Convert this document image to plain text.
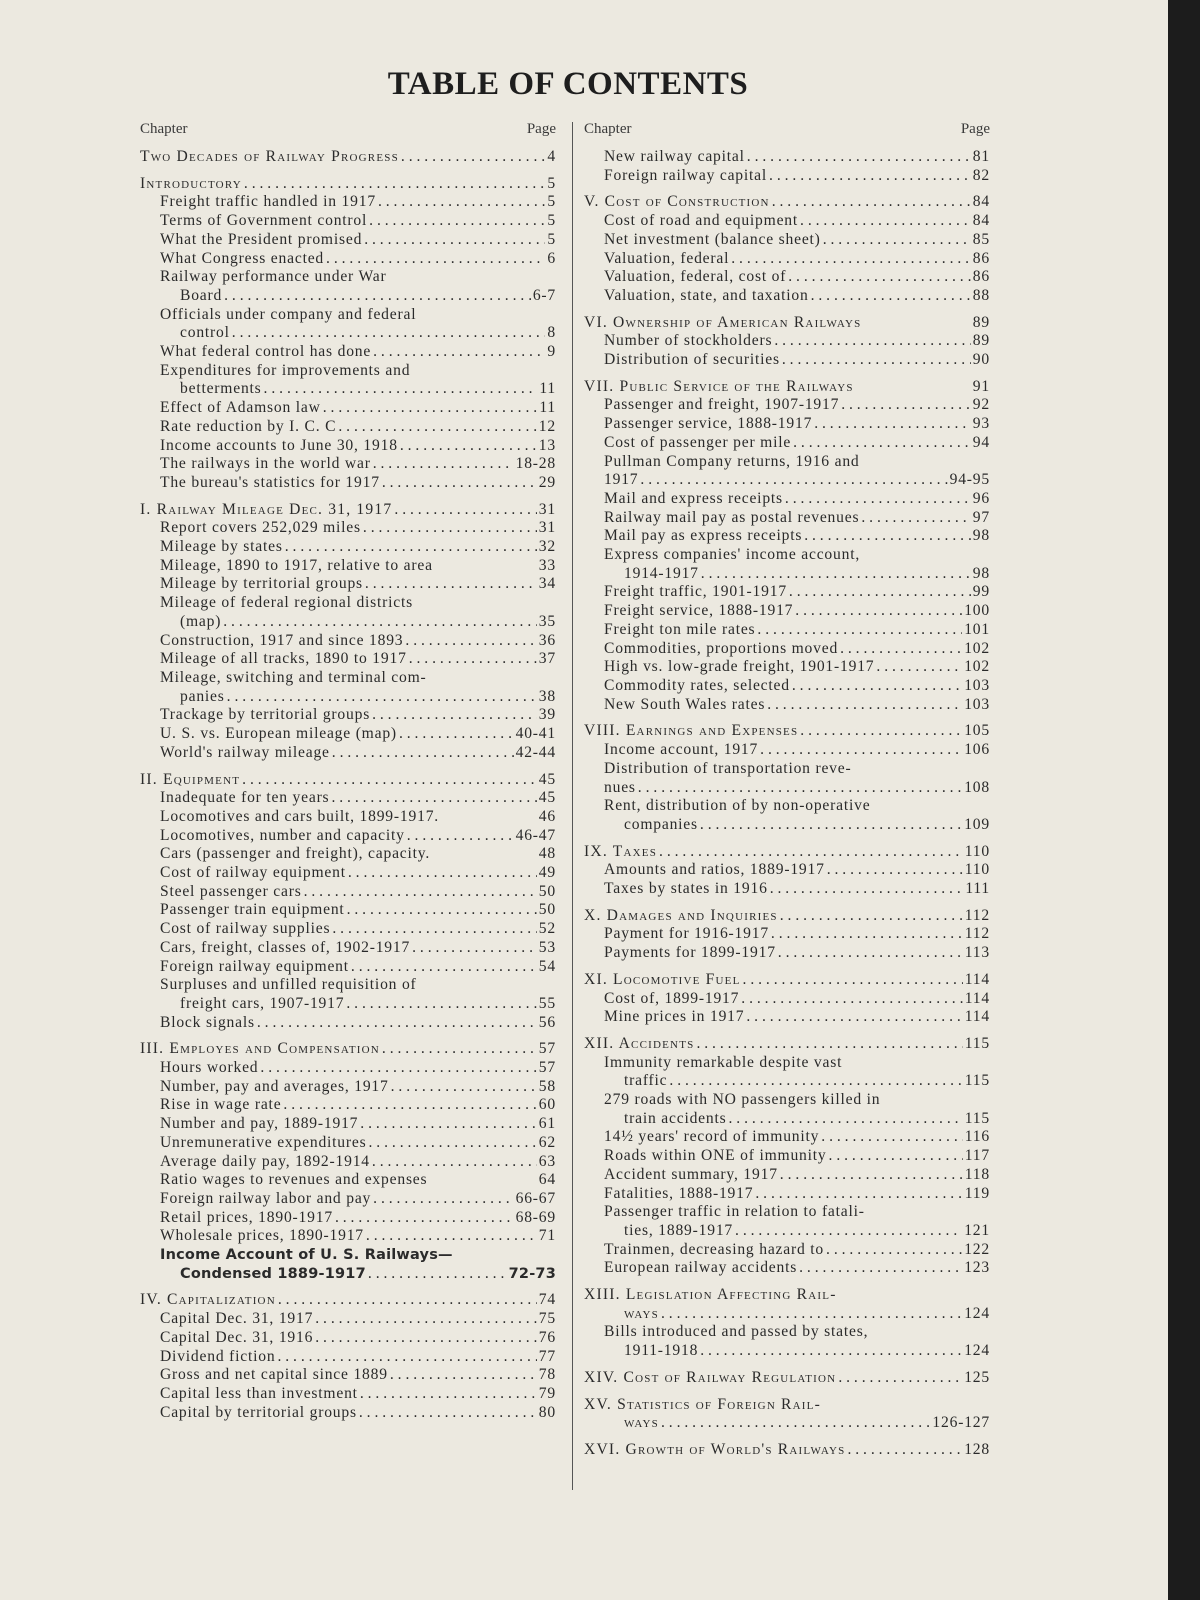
TABLE OF CONTENTS
Chapter	Page
Two Decades of Railway Progress . . .	4
Introductory . . .	5
Freight traffic handled in 1917 . . .	5
Terms of Government control . . .	5
What the President promised . . .	5
What Congress enacted . . .	6
Railway performance under War
Board . . .	6-7
Officials under company and federal
control . . .	8
What federal control has done . . .	9
Expenditures for improvements and
betterments . . .	11
Effect of Adamson law . . .	11
Rate reduction by I. C. C . . .	12
Income accounts to June 30, 1918 . . .	13
The railways in the world war . . .	18-28
The bureau's statistics for 1917 . . .	29
I. Railway Mileage Dec. 31, 1917 . . .	31
Report covers 252,029 miles . . .	31
Mileage by states . . .	32
Mileage, 1890 to 1917, relative to area	33
Mileage by territorial groups . . .	34
Mileage of federal regional districts
(map) . . .	35
Construction, 1917 and since 1893 . . .	36
Mileage of all tracks, 1890 to 1917 . . .	37
Mileage, switching and terminal com-
panies . . .	38
Trackage by territorial groups . . .	39
U. S. vs. European mileage (map) . . .	40-41
World's railway mileage . . .	42-44
II. Equipment . . .	45
Inadequate for ten years . . .	45
Locomotives and cars built, 1899-1917.	46
Locomotives, number and capacity . . .	46-47
Cars (passenger and freight), capacity.	48
Cost of railway equipment . . .	49
Steel passenger cars . . .	50
Passenger train equipment . . .	50
Cost of railway supplies . . .	52
Cars, freight, classes of, 1902-1917 . . .	53
Foreign railway equipment . . .	54
Surpluses and unfilled requisition of
freight cars, 1907-1917 . . .	55
Block signals . . .	56
III. Employes and Compensation . . .	57
Hours worked . . .	57
Number, pay and averages, 1917 . . .	58
Rise in wage rate . . .	60
Number and pay, 1889-1917 . . .	61
Unremunerative expenditures . . .	62
Average daily pay, 1892-1914 . . .	63
Ratio wages to revenues and expenses	64
Foreign railway labor and pay . . .	66-67
Retail prices, 1890-1917 . . .	68-69
Wholesale prices, 1890-1917 . . .	71
Income Account of U. S. Railways—
Condensed 1889-1917 . . .	72-73
IV. Capitalization . . .	74
Capital Dec. 31, 1917 . . .	75
Capital Dec. 31, 1916 . . .	76
Dividend fiction . . .	77
Gross and net capital since 1889 . . .	78
Capital less than investment . . .	79
Capital by territorial groups . . .	80
Chapter	Page
New railway capital . . .	81
Foreign railway capital . . .	82
V. Cost of Construction . . .	84
Cost of road and equipment . . .	84
Net investment (balance sheet) . . .	85
Valuation, federal . . .	86
Valuation, federal, cost of . . .	86
Valuation, state, and taxation . . .	88
VI. Ownership of American Railways	89
Number of stockholders . . .	89
Distribution of securities . . .	90
VII. Public Service of the Railways	91
Passenger and freight, 1907-1917 . . .	92
Passenger service, 1888-1917 . . .	93
Cost of passenger per mile . . .	94
Pullman Company returns, 1916 and
1917 . . .	94-95
Mail and express receipts . . .	96
Railway mail pay as postal revenues . . .	97
Mail pay as express receipts . . .	98
Express companies' income account,
1914-1917 . . .	98
Freight traffic, 1901-1917 . . .	99
Freight service, 1888-1917 . . .	100
Freight ton mile rates . . .	101
Commodities, proportions moved . . .	102
High vs. low-grade freight, 1901-1917 . . .	102
Commodity rates, selected . . .	103
New South Wales rates . . .	103
VIII. Earnings and Expenses . . .	105
Income account, 1917 . . .	106
Distribution of transportation reve-
nues . . .	108
Rent, distribution of by non-operative
companies . . .	109
IX. Taxes . . .	110
Amounts and ratios, 1889-1917 . . .	110
Taxes by states in 1916 . . .	111
X. Damages and Inquiries . . .	112
Payment for 1916-1917 . . .	112
Payments for 1899-1917 . . .	113
XI. Locomotive Fuel . . .	114
Cost of, 1899-1917 . . .	114
Mine prices in 1917 . . .	114
XII. Accidents . . .	115
Immunity remarkable despite vast
traffic . . .	115
279 roads with NO passengers killed in
train accidents . . .	115
14½ years' record of immunity . . .	116
Roads within ONE of immunity . . .	117
Accident summary, 1917 . . .	118
Fatalities, 1888-1917 . . .	119
Passenger traffic in relation to fatali-
ties, 1889-1917 . . .	121
Trainmen, decreasing hazard to . . .	122
European railway accidents . . .	123
XIII. Legislation Affecting Rail-
ways . . .	124
Bills introduced and passed by states,
1911-1918 . . .	124
XIV. Cost of Railway Regulation . . .	125
XV. Statistics of Foreign Rail-
ways . . .	126-127
XVI. Growth of World's Railways . . .	128
